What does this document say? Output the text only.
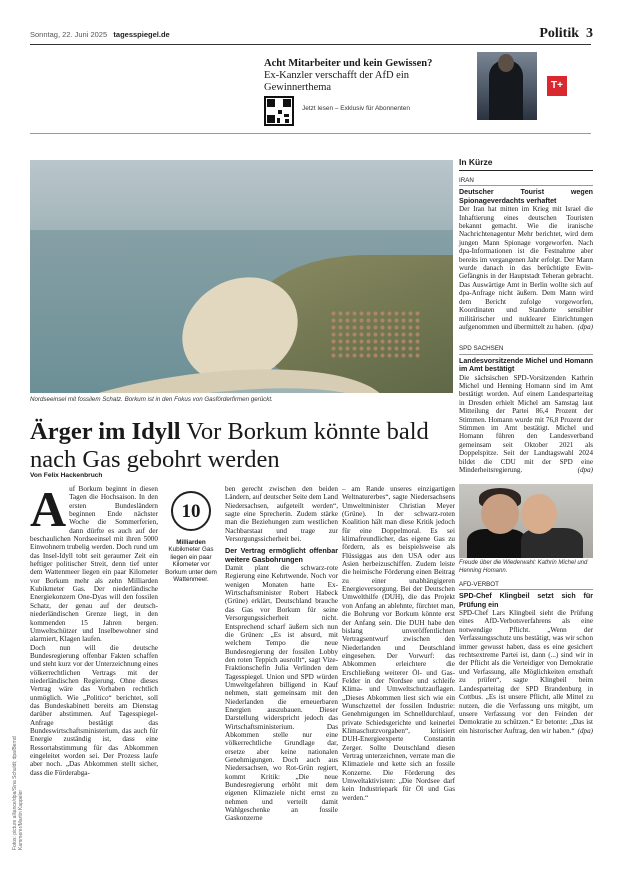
Sonntag, 22. Juni 2025 tagesspiegel.de	Politik 3
Acht Mitarbeiter und kein Gewissen?
Ex-Kanzler verschafft der AfD ein Gewinnerthema
Jetzt lesen – Exklusiv für Abonnenten
T+
Nordseeinsel mit fossilem Schatz. Borkum ist in den Fokus von Gasförderfirmen gerückt.
Ärger im Idyll Vor Borkum könnte bald nach Gas gebohrt werden
Von Felix Hackenbruch
Auf Borkum beginnt in diesen Tagen die Hochsaison. In den ersten Bundesländern beginnen Ende nächster Woche die Sommerferien, dann dürfte es auch auf der beschaulichen Nordseeinsel mit ihren 5000 Einwohnern trubelig werden. Doch rund um das Insel-Idyll tobt seit geraumer Zeit ein heftiger politischer Streit, denn tief unter dem Wattenmeer liegen ein paar Kilometer vor Borkum mehr als zehn Milliarden Kubikmeter Gas. Der niederländische Energiekonzern One-Dyas will den fossilen Schatz, der genau auf der deutsch-niederländischen Grenze liegt, in den kommenden 15 Jahren bergen. Umweltschützer und Inselbewohner sind alarmiert, Klagen laufen.

Doch nun will die deutsche Bundesregierung offenbar Fakten schaffen und steht kurz vor der Unterzeichnung eines völkerrechtlichen Vertrags mit der niederländischen Regierung. Ohne dieses Vertrag wäre das Vorhaben rechtlich unmöglich. Wie „Politico“ berichtet, soll das Bundeskabinett bereits am Dienstag darüber abstimmen. Auf Tagesspiegel-Anfrage bestätigt das Bundeswirtschaftsministerium, das auch für Energie zuständig ist, dass eine Ressortabstimmung für das Abkommen eingeleitet worden sei. Der Prozess laufe aber noch. „Das Abkommen stellt sicher, dass die Förderabga-

10
Milliarden
Kubikmeter Gas liegen ein paar Kilometer vor Borkum unter dem Wattenmeer.

ben gerecht zwischen den beiden Ländern, auf deutscher Seite dem Land Niedersachsen, aufgeteilt werden“, sagte eine Sprecherin. Zudem stärke man die Beziehungen zum westlichen Nachbarstaat und trage zur Versorgungssicherheit bei.

Der Vertrag ermöglicht offenbar weitere Gasbohrungen

Damit plant die schwarz-rote Regierung eine Kehrtwende. Noch vor wenigen Monaten hatte Ex-Wirtschaftsminister Robert Habeck (Grüne) erklärt, Deutschland brauche das Gas vor Borkum für seine Versorgungssicherheit nicht. Entsprechend scharf äußern sich nun die Grünen: „Es ist absurd, mit welchem Tempo die neue Bundesregierung der fossilen Lobby den roten Teppich ausrollt“, sagt Vize-Fraktionschefin Julia Verlinden dem Tagesspiegel. Union und SPD würden Umweltgefahren billigend in Kauf nehmen, statt gemeinsam mit den Niederlanden die erneuerbaren Energien auszubauen. Dieser Darstellung widerspricht jedoch das Wirtschaftsministerium. Das Abkommen stelle nur eine völkerrechtliche Grundlage dar, ersetze aber keine nationalen Genehmigungen. Doch auch aus Niedersachsen, wo Rot-Grün regiert, kommt Kritik: „Die neue Bundesregierung erhöht mit dem eigenen Klimaziele nicht ernst zu nehmen und verteilt damit Wahlgeschenke an fossile Gaskonzerne

– am Rande unseres einzigartigen Weltnaturerbes“, sagte Niedersachsens Umweltminister Christian Meyer (Grüne). In der schwarz-roten Koalition hält man diese Kritik jedoch für eine Doppelmoral. Es sei klimafreundlicher, das eigene Gas zu fördern, als es beispielsweise als Flüssiggas aus den USA oder aus Asien herbeizuschiffen. Zudem leiste die heimische Förderung einen Beitrag zu einer unabhängigeren Energieversorgung. Bei der Deutschen Umwelthilfe (DUH), die das Projekt von Anfang an ablehnte, fürchtet man, die Bohrung vor Borkum könnte erst der Anfang sein. Die DUH habe den bislang unveröffentlichten Vertragsentwurf zwischen den Niederlanden und Deutschland eingesehen. Der Vorwurf: das Abkommen erleichtere die Erschließung weiterer Öl- und Gas-Felder in der Nordsee und schleife Klima- und Umweltschutzauflagen. „Dieses Abkommen liest sich wie ein Wunschzettel der fossilen Industrie: Genehmigungen im Schnelldurchlauf, private Schiedsgerichte und keinerlei Klimaschutzvorgaben“, kritisiert DUH-Energieexperte Constantin Zerger. Sollte Deutschland diesen Vertrag unterzeichnen, verrate man die Klimaziele und kette sich an fossile Konzerne. Die Förderung des Umweltaktivisten: „Die Nordsee darf kein Industriepark für Öl und Gas werden.“

Fotos: picture alliance/dpa/Sina Schuldt; dpa/Bernd Kammerer/Martin Kappeler
In Kürze
IRAN
Deutscher Tourist wegen Spionageverdachts verhaftet
Der Iran hat mitten im Krieg mit Israel die Inhaftierung eines deutschen Touristen bekannt gemacht. Wie die iranische Nachrichtenagentur Mehr berichtet, wird dem jungen Mann Spionage vorgeworfen. Nach dpa-Informationen ist die Festnahme aber bereits im vergangenen Jahr erfolgt. Der Mann wurde danach in das berüchtigte Ewin-Gefängnis in der Hauptstadt Teheran gebracht. Das Auswärtige Amt in Berlin wollte sich auf dpa-Anfrage nicht äußern. Dem Mann wird dem Bericht zufolge vorgeworfen, Koordinaten und Standorte sensibler militärischer und nuklearer Einrichtungen aufgenommen und übermittelt zu haben. (dpa)
SPD SACHSEN
Landesvorsitzende Michel und Homann im Amt bestätigt
Die sächsischen SPD-Vorsitzenden Kathrin Michel und Henning Homann sind im Amt bestätigt worden. Auf einem Landesparteitag in Dresden erhielt Michel am Samstag laut Mitteilung der Partei 86,4 Prozent der Stimmen. Homann wurde mit 76,8 Prozent der Stimmen im Amt bestätigt. Michel und Homann führen den Landesverband gemeinsam seit Oktober 2021 als Doppelspitze. Seit der Landtagswahl 2024 bildet die CDU mit der SPD eine Minderheitsregierung.	(dpa)
Freude über die Wiederwahl: Kathrin Michel und Henning Homann.
AFD-VERBOT
SPD-Chef Klingbeil setzt sich für Prüfung ein
SPD-Chef Lars Klingbeil sieht die Prüfung eines AfD-Verbotsverfahrens als eine notwendige Pflicht. „Wenn der Verfassungsschutz uns bestätigt, was wir schon immer gewusst haben, dass es eine gesichert rechtsextreme Partei ist, dann (...) sind wir in der Pflicht als die Verteidiger von Demokratie und Verfassung, alle Möglichkeiten ernsthaft zu prüfen“, sagte Klingbeil beim Landesparteitag der SPD Brandenburg in Cottbus. „Es ist unsere Pflicht, alle Mittel zu nutzen, die die Verfassung uns mitgibt, um unsere Verfassung vor den Feinden der Demokratie zu schützen.“ Er betonte: „Das ist ein historischer Auftrag, den wir haben.“ (dpa)
